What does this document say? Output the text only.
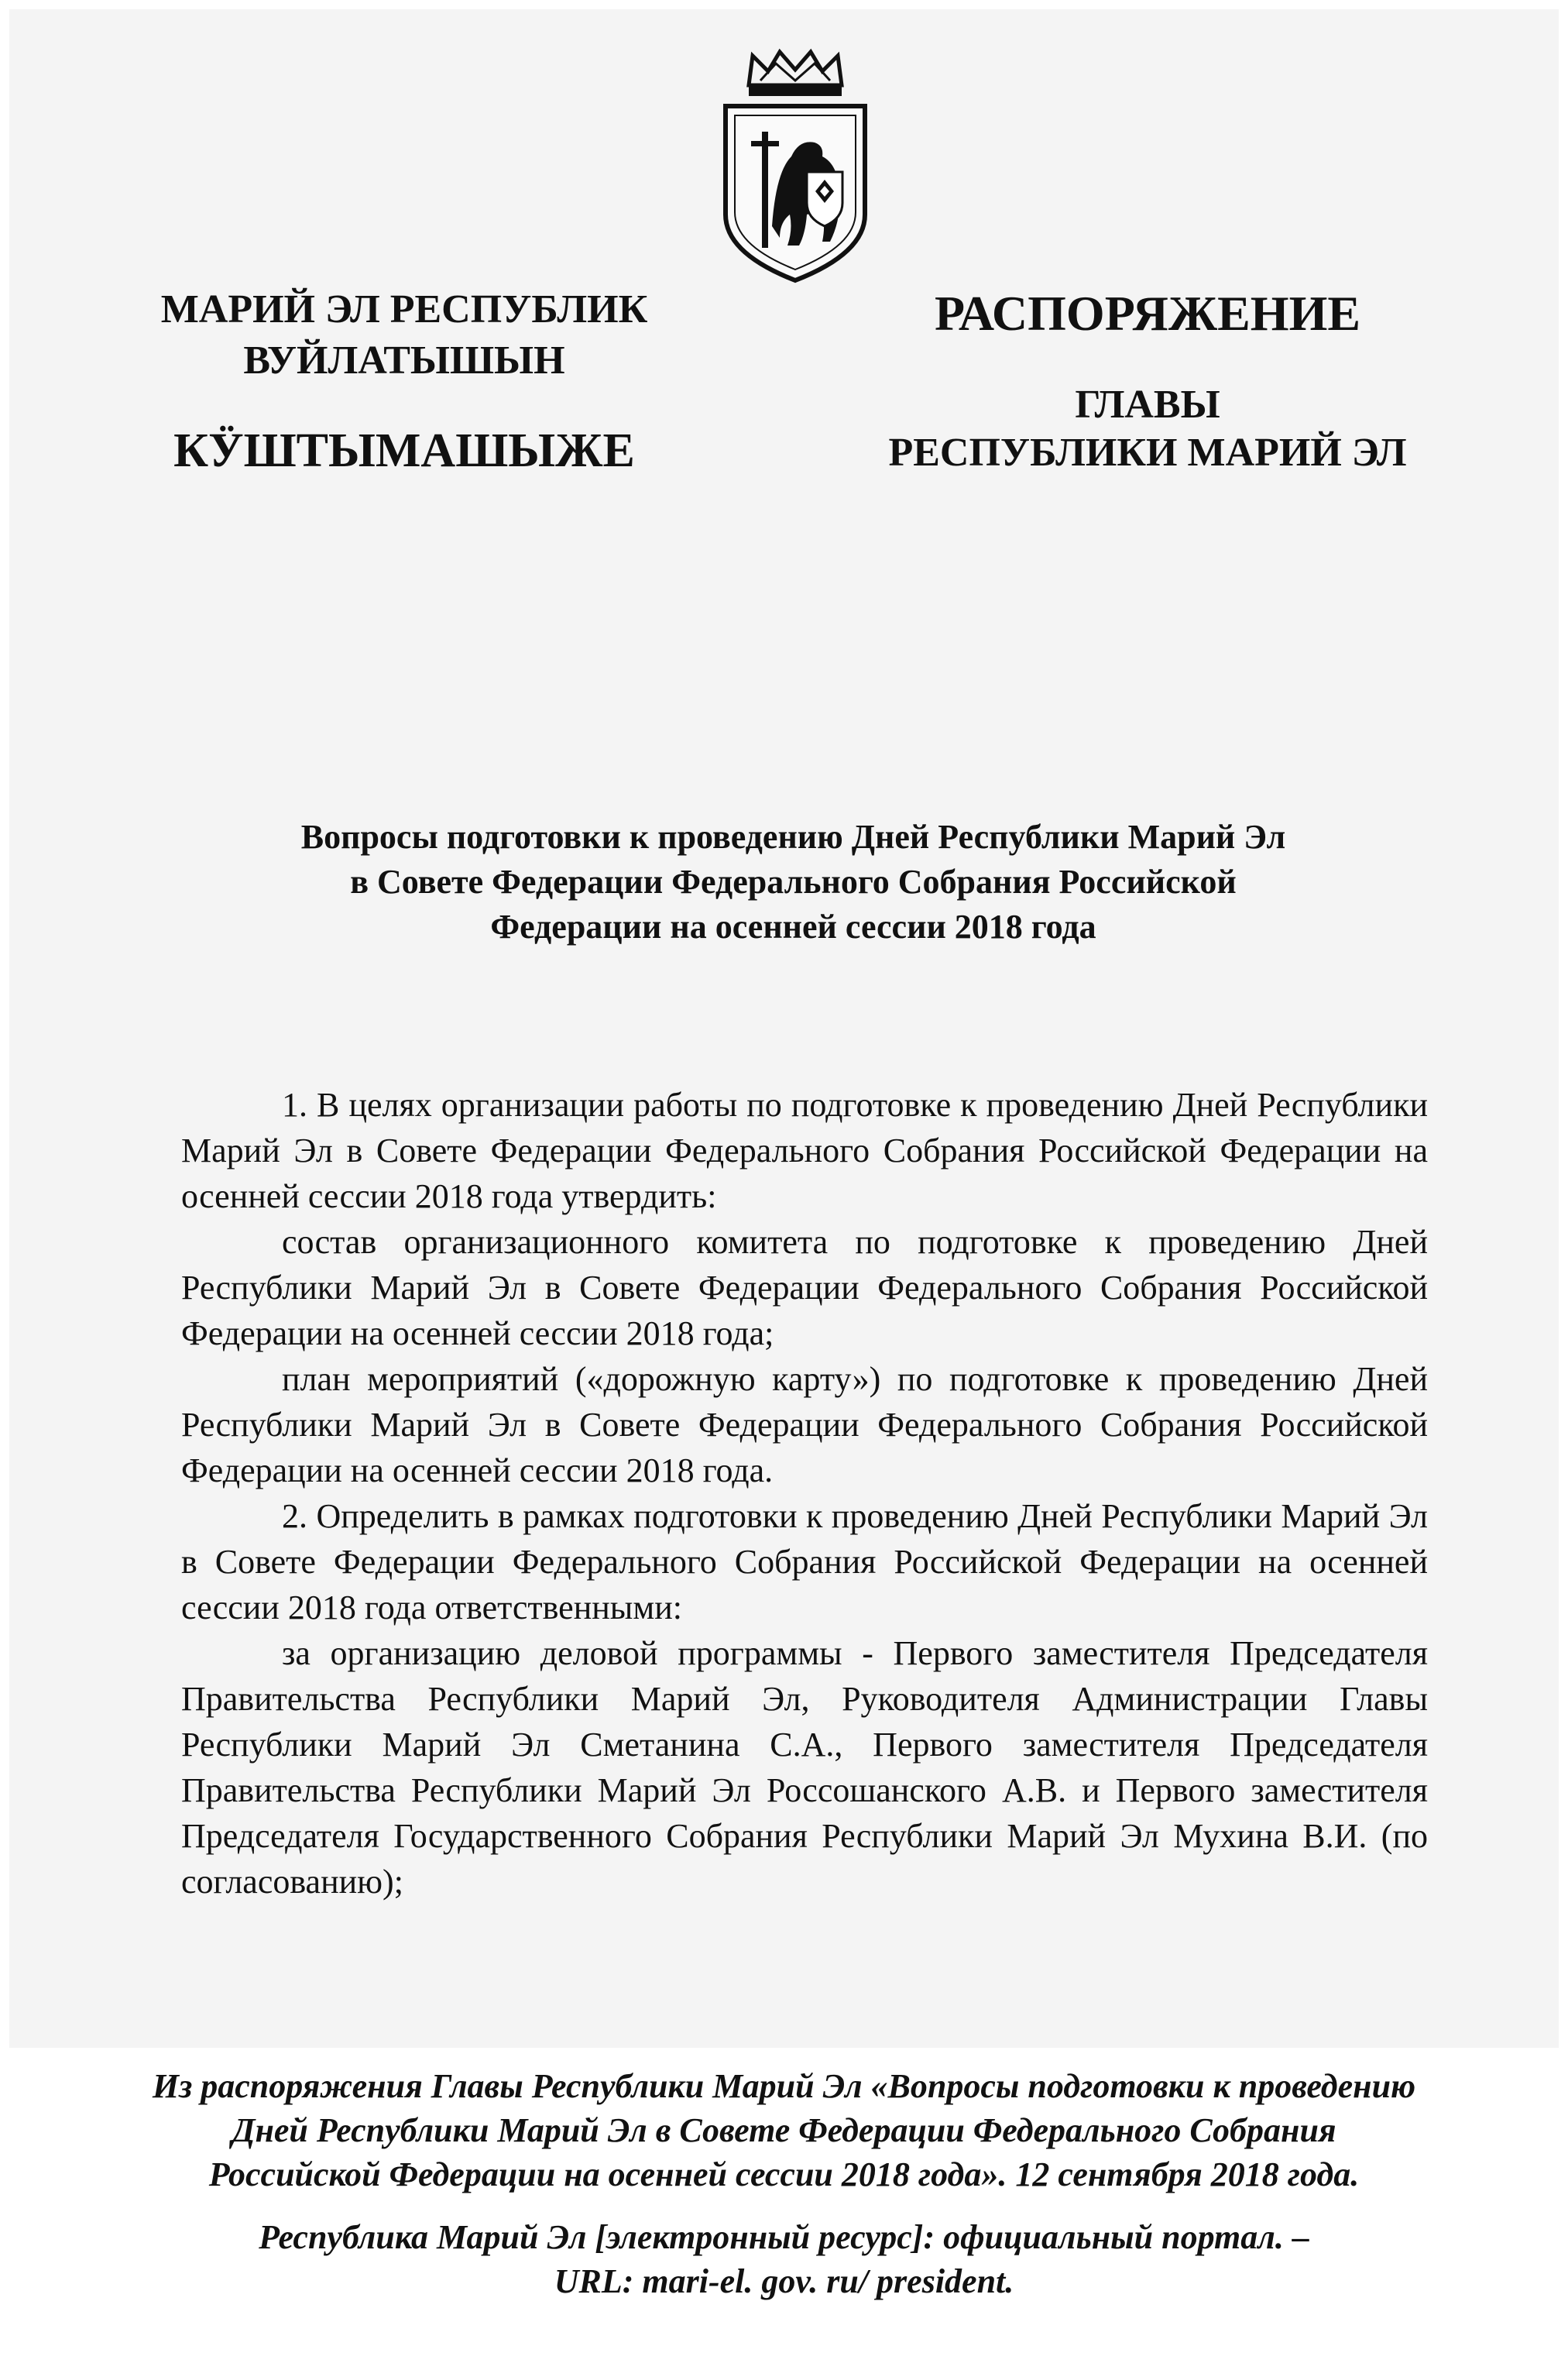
МАРИЙ ЭЛ РЕСПУБЛИК
ВУЙЛАТЫШЫН
КӰШТЫМАШЫЖЕ
РАСПОРЯЖЕНИЕ
ГЛАВЫ
РЕСПУБЛИКИ МАРИЙ ЭЛ
Вопросы подготовки к проведению Дней Республики Марий Эл
в Совете Федерации Федерального Собрания Российской
Федерации на осенней сессии 2018 года

1. В целях организации работы по подготовке к проведению Дней Республики Марий Эл в Совете Федерации Федерального Собрания Российской Федерации на осенней сессии 2018 года утвердить:

состав организационного комитета по подготовке к проведению Дней Республики Марий Эл в Совете Федерации Федерального Собрания Российской Федерации на осенней сессии 2018 года;

план мероприятий («дорожную карту») по подготовке к проведению Дней Республики Марий Эл в Совете Федерации Федерального Собрания Российской Федерации на осенней сессии 2018 года.

2. Определить в рамках подготовки к проведению Дней Республики Марий Эл в Совете Федерации Федерального Собрания Российской Федерации на осенней сессии 2018 года ответственными:

за организацию деловой программы - Первого заместителя Председателя Правительства Республики Марий Эл, Руководителя Администрации Главы Республики Марий Эл Сметанина С.А., Первого заместителя Председателя Правительства Республики Марий Эл Россошанского А.В. и Первого заместителя Председателя Государственного Собрания Республики Марий Эл Мухина В.И. (по согласованию);

Из распоряжения Главы Республики Марий Эл «Вопросы подготовки к проведению
Дней Республики Марий Эл в Совете Федерации Федерального Собрания
Российской Федерации на осенней сессии 2018 года». 12 сентября 2018 года.
Республика Марий Эл [электронный ресурс]: официальный портал. –
URL: mari-el. gov. ru/ president.
